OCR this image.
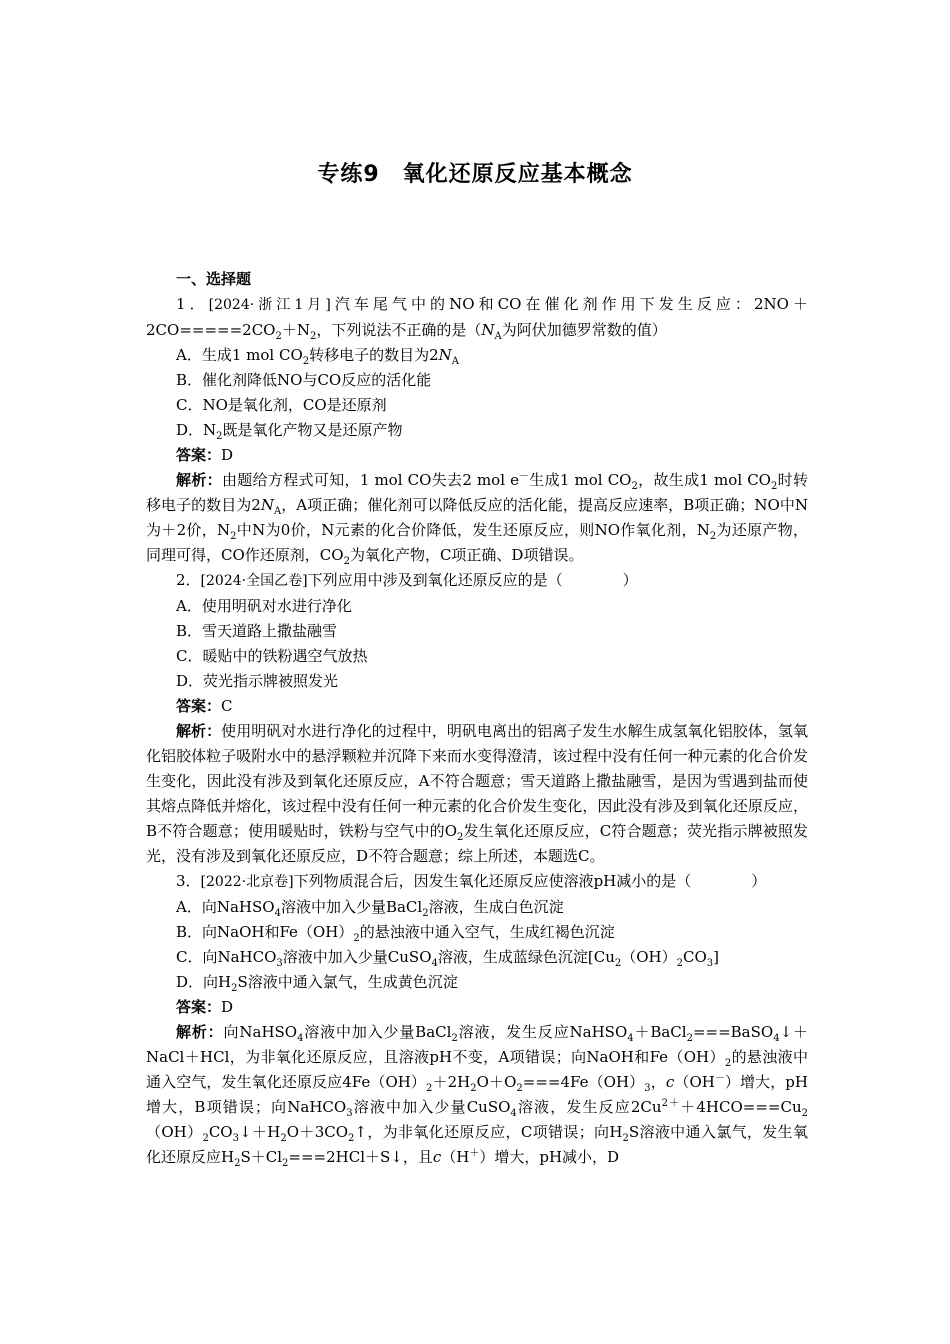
专练9　氧化还原反应基本概念

一、选择题

1．[2024·浙江1月]汽车尾气中的NO和CO在催化剂作用下发生反应：$2NO+2CO=====2CO_2+N_2$，下列说法不正确的是（$N_A$为阿伏加德罗常数的值）

A．生成1 mol $CO_2$转移电子的数目为$2N_A$

B．催化剂降低NO与CO反应的活化能

C．NO是氧化剂，CO是还原剂

D．$N_2$既是氧化产物又是还原产物

答案：D

解析：由题给方程式可知，1 mol CO失去2 mol e－生成1 mol $CO_2$，故生成1 mol $CO_2$时转移电子的数目为$2N_A$，A项正确；催化剂可以降低反应的活化能，提高反应速率，B项正确；NO中N为＋2价，$N_2$中N为0价，N元素的化合价降低，发生还原反应，则NO作氧化剂，$N_2$为还原产物，同理可得，CO作还原剂，$CO_2$为氧化产物，C项正确、D项错误。

2．[2024·全国乙卷]下列应用中涉及到氧化还原反应的是（	）

A．使用明矾对水进行净化

B．雪天道路上撒盐融雪

C．暖贴中的铁粉遇空气放热

D．荧光指示牌被照发光

答案：C

解析：使用明矾对水进行净化的过程中，明矾电离出的铝离子发生水解生成氢氧化铝胶体，氢氧化铝胶体粒子吸附水中的悬浮颗粒并沉降下来而水变得澄清，该过程中没有任何一种元素的化合价发生变化，因此没有涉及到氧化还原反应，A不符合题意；雪天道路上撒盐融雪，是因为雪遇到盐而使其熔点降低并熔化，该过程中没有任何一种元素的化合价发生变化，因此没有涉及到氧化还原反应，B不符合题意；使用暖贴时，铁粉与空气中的$O_2$发生氧化还原反应，C符合题意；荧光指示牌被照发光，没有涉及到氧化还原反应，D不符合题意；综上所述，本题选C。

3．[2022·北京卷]下列物质混合后，因发生氧化还原反应使溶液pH减小的是（	）

A．向NaHSO$_4$溶液中加入少量BaCl$_2$溶液，生成白色沉淀

B．向NaOH和$Fe(OH)_2$的悬浊液中通入空气，生成红褐色沉淀

C．向NaHCO$_3$溶液中加入少量CuSO$_4$溶液，生成蓝绿色沉淀$[Cu_2(OH)_2CO_3]$

D．向$H_2S$溶液中通入氯气，生成黄色沉淀

答案：D

解析：向NaHSO$_4$溶液中加入少量BaCl$_2$溶液，发生反应NaHSO$_4$＋BaCl$_2$===BaSO$_4$↓＋NaCl＋HCl，为非氧化还原反应，且溶液pH不变，A项错误；向NaOH和$Fe(OH)_2$的悬浊液中通入空气，发生氧化还原反应$4Fe(OH)_2+2H_2O+O_2===4Fe(OH)_3$，c（OH－）增大，pH增大，B项错误；向NaHCO$_3$溶液中加入少量CuSO$_4$溶液，发生反应$2Cu^{2+}+4HCO===Cu_2(OH)_2CO_3↓+H_2O+3CO_2↑$，为非氧化还原反应，C项错误；向$H_2S$溶液中通入氯气，发生氧化还原反应$H_2S+Cl_2===2HCl+S↓$，且c（H＋）增大，pH减小，D
